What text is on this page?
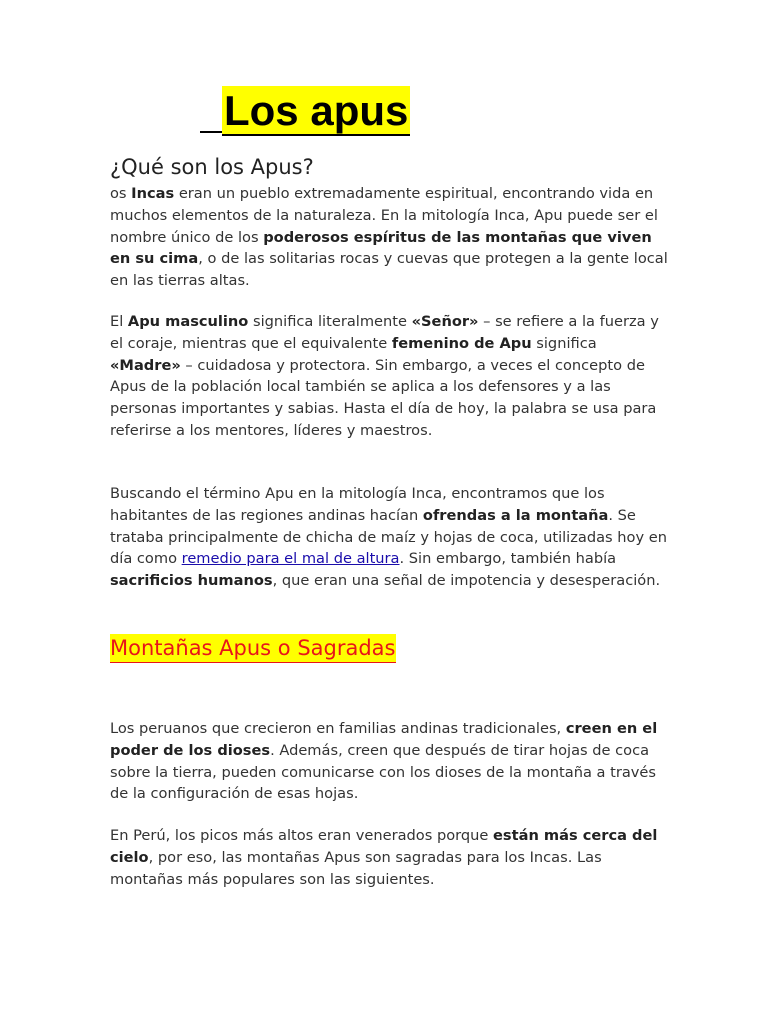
Los apus
¿Qué son los Apus?

os Incas eran un pueblo extremadamente espiritual, encontrando vida en muchos elementos de la naturaleza. En la mitología Inca, Apu puede ser el nombre único de los poderosos espíritus de las montañas que viven en su cima, o de las solitarias rocas y cuevas que protegen a la gente local en las tierras altas.

El Apu masculino significa literalmente «Señor» – se refiere a la fuerza y el coraje, mientras que el equivalente femenino de Apu significa «Madre» – cuidadosa y protectora. Sin embargo, a veces el concepto de Apus de la población local también se aplica a los defensores y a las personas importantes y sabias. Hasta el día de hoy, la palabra se usa para referirse a los mentores, líderes y maestros.

Buscando el término Apu en la mitología Inca, encontramos que los habitantes de las regiones andinas hacían ofrendas a la montaña. Se trataba principalmente de chicha de maíz y hojas de coca, utilizadas hoy en día como remedio para el mal de altura. Sin embargo, también había sacrificios humanos, que eran una señal de impotencia y desesperación.

Montañas Apus o Sagradas

Los peruanos que crecieron en familias andinas tradicionales, creen en el poder de los dioses. Además, creen que después de tirar hojas de coca sobre la tierra, pueden comunicarse con los dioses de la montaña a través de la configuración de esas hojas.

En Perú, los picos más altos eran venerados porque están más cerca del cielo, por eso, las montañas Apus son sagradas para los Incas. Las montañas más populares son las siguientes.
